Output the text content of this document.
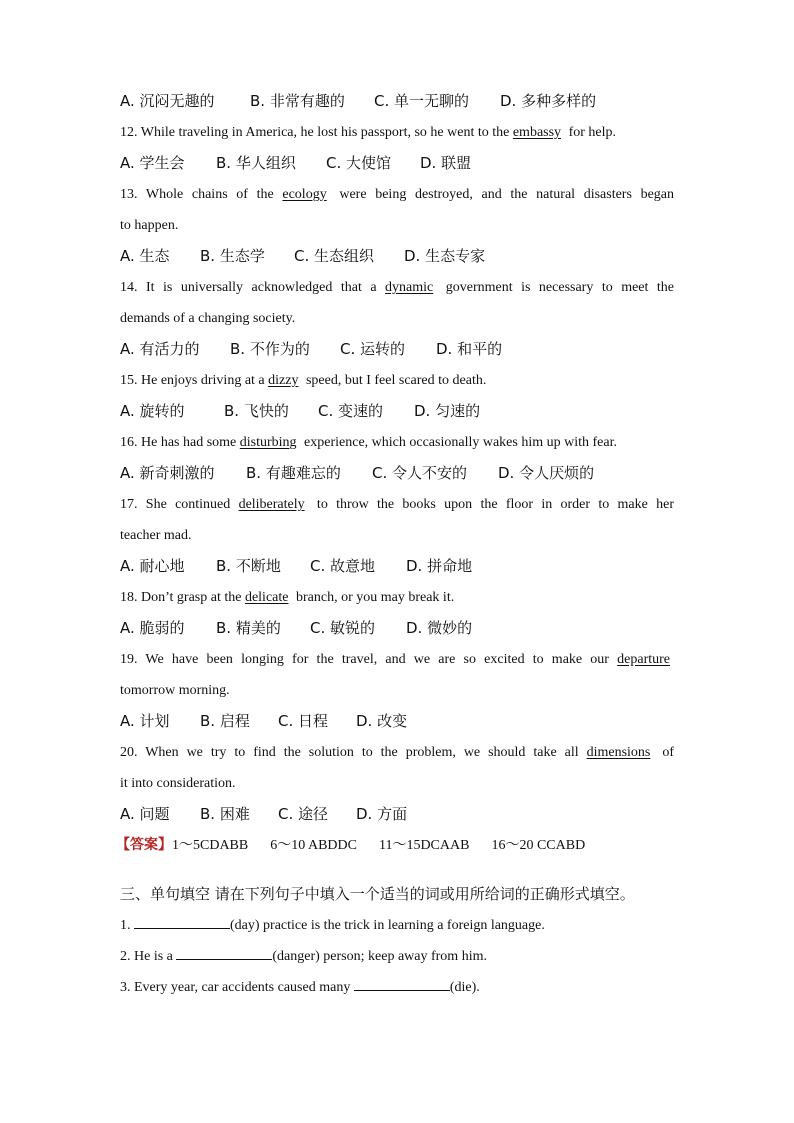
A. 沉闷无趣的 B. 非常有趣的 C. 单一无聊的 D. 多种多样的
12. While traveling in America, he lost his passport, so he went to the embassy for help.
A. 学生会 B. 华人组织 C. 大使馆 D. 联盟
13. Whole chains of the ecology were being destroyed, and the natural disasters began
to happen.
A. 生态 B. 生态学 C. 生态组织 D. 生态专家
14. It is universally acknowledged that a dynamic government is necessary to meet the
demands of a changing society.
A. 有活力的 B. 不作为的 C. 运转的 D. 和平的
15. He enjoys driving at a dizzy speed, but I feel scared to death.
A. 旋转的	B. 飞快的 C. 变速的 D. 匀速的
16. He has had some disturbing experience, which occasionally wakes him up with fear.
A. 新奇刺激的 B. 有趣难忘的 C. 令人不安的 D. 令人厌烦的
17. She continued deliberately to throw the books upon the floor in order to make her
teacher mad.
A. 耐心地 B. 不断地 C. 故意地 D. 拼命地
18. Don’t grasp at the delicate branch, or you may break it.
A. 脆弱的 B. 精美的 C. 敏锐的 D. 微妙的
19. We have been longing for the travel, and we are so excited to make our departure
tomorrow morning.
A. 计划 B. 启程 C. 日程 D. 改变
20. When we try to find the solution to the problem, we should take all dimensions of
it into consideration.
A. 问题 B. 困难 C. 途径 D. 方面
【答案】1～5CDABB 6～10 ABDDC 11～15DCAAB 16～20 CCABD
三、单句填空 请在下列句子中填入一个适当的词或用所给词的正确形式填空。
1.	(day) practice is the trick in learning a foreign language.
2. He is a	(danger) person; keep away from him.
3. Every year, car accidents caused many	(die).
